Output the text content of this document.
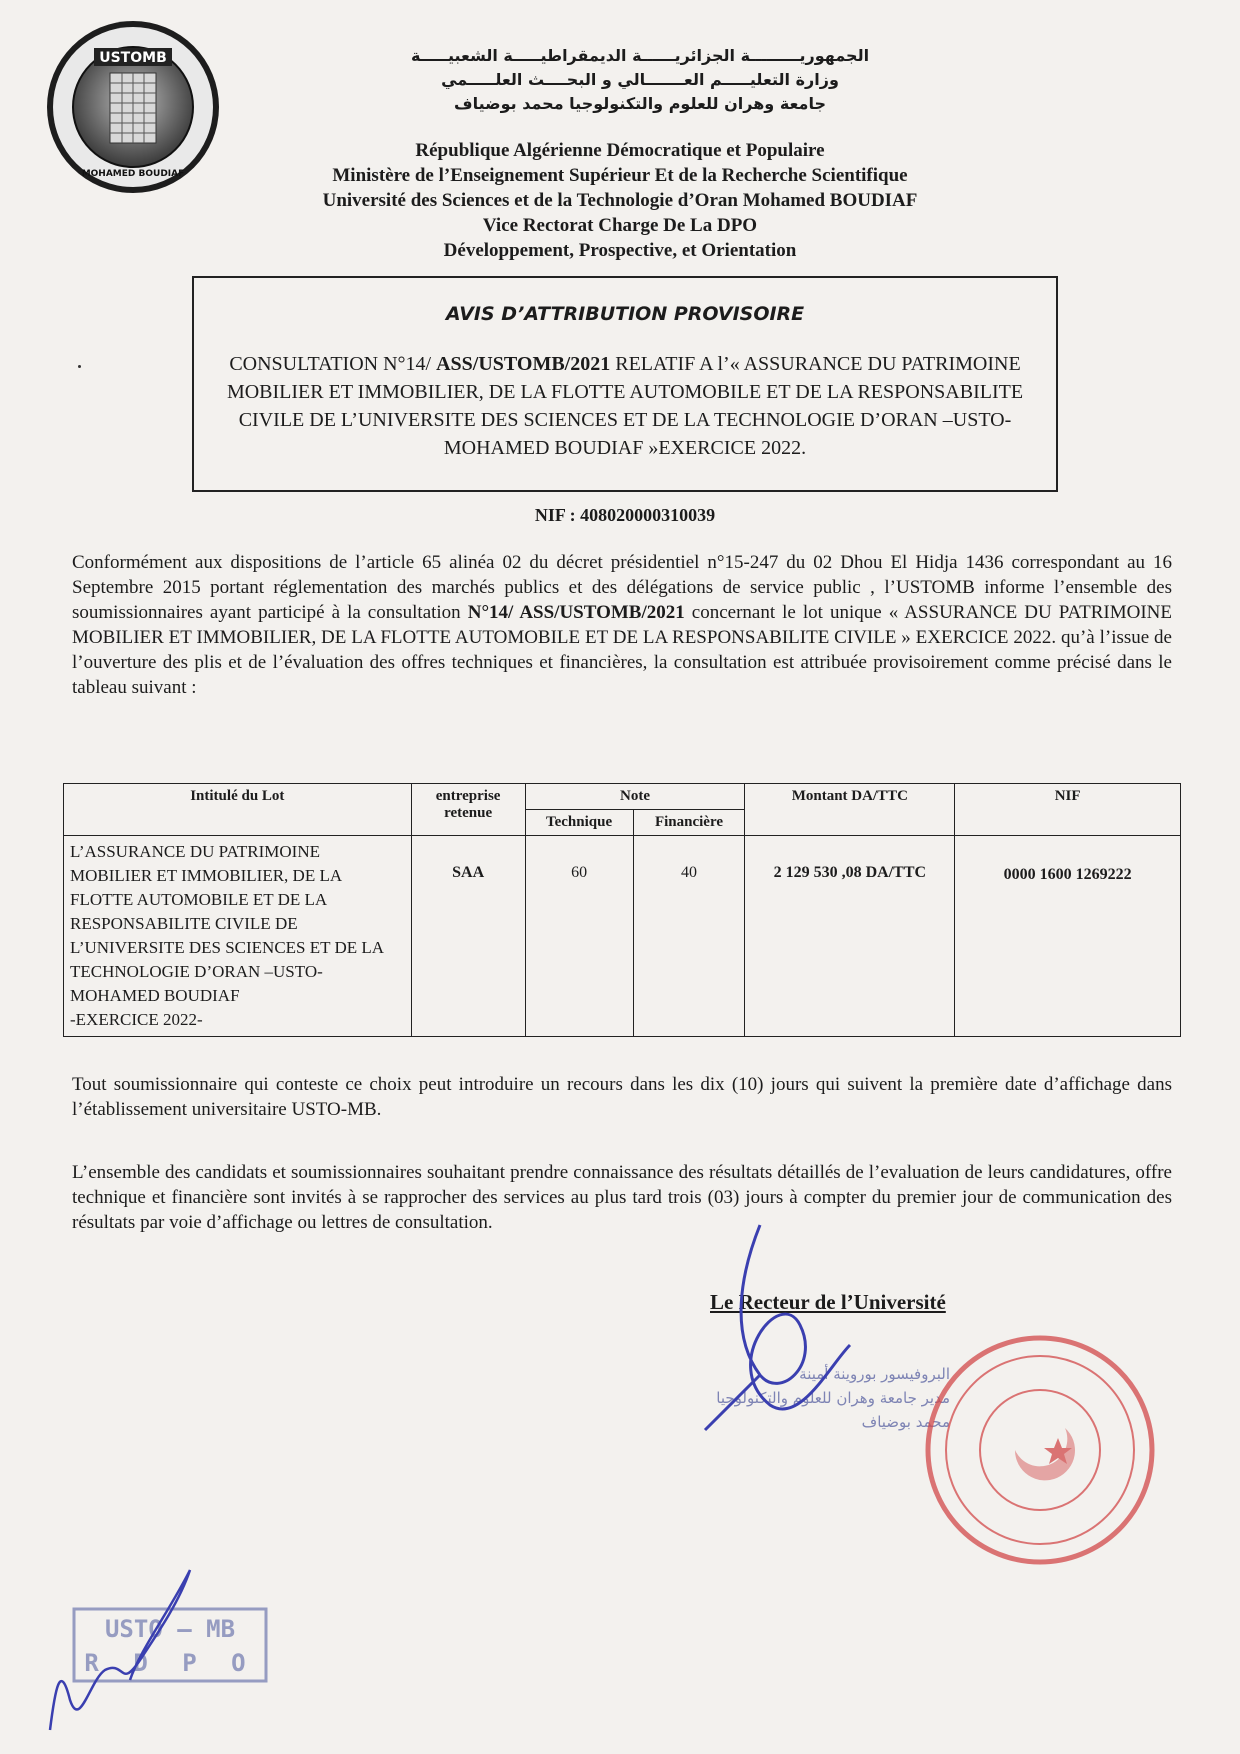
USTOMB
MOHAMED BOUDIAF
الجمهوريـــــــــة الجزائريــــــة الديمقراطيـــــة الشعبيـــــة
وزارة التعليـــــم العـــــــالي و البحــــث العلـــــمي
جامعة وهران للعلوم والتكنولوجيا محمد بوضياف
République Algérienne Démocratique et Populaire
Ministère de l’Enseignement Supérieur Et de la Recherche Scientifique
Université des Sciences et de la Technologie d’Oran Mohamed BOUDIAF
Vice Rectorat Charge De La DPO
Développement, Prospective, et Orientation
AVIS D’ATTRIBUTION PROVISOIRE
CONSULTATION N°14/ ASS/USTOMB/2021 RELATIF A l’« ASSURANCE DU PATRIMOINE MOBILIER ET IMMOBILIER, DE LA FLOTTE AUTOMOBILE ET DE LA RESPONSABILITE CIVILE DE L’UNIVERSITE DES SCIENCES ET DE LA TECHNOLOGIE D’ORAN –USTO- MOHAMED BOUDIAF »EXERCICE 2022.
NIF : 408020000310039
Conformément aux dispositions de l’article 65 alinéa 02 du décret présidentiel n°15-247 du 02 Dhou El Hidja 1436 correspondant au 16 Septembre 2015 portant réglementation des marchés publics et des délégations de service public , l’USTOMB informe l’ensemble des soumissionnaires ayant participé à la consultation N°14/ ASS/USTOMB/2021 concernant le lot unique « ASSURANCE DU PATRIMOINE MOBILIER ET IMMOBILIER, DE LA FLOTTE AUTOMOBILE ET DE LA RESPONSABILITE CIVILE » EXERCICE 2022. qu’à l’issue de l’ouverture des plis et de l’évaluation des offres techniques et financières, la consultation est attribuée provisoirement comme précisé dans le tableau suivant :
Intitulé du Lot	entreprise retenue	Note		Montant DA/TTC	NIF
		Technique	Financière		

L’ASSURANCE DU PATRIMOINE MOBILIER ET IMMOBILIER, DE LA FLOTTE AUTOMOBILE ET DE LA RESPONSABILITE CIVILE DE L’UNIVERSITE DES SCIENCES ET DE LA TECHNOLOGIE D’ORAN –USTO- MOHAMED BOUDIAF
-EXERCICE 2022-	SAA	60	40	2 129 530 ,08 DA/TTC	0000 1600 1269222
Tout soumissionnaire qui conteste ce choix peut introduire un recours dans les dix (10) jours qui suivent la première date d’affichage dans l’établissement universitaire USTO-MB.
L’ensemble des candidats et soumissionnaires souhaitant prendre connaissance des résultats détaillés de l’evaluation de leurs candidatures, offre technique et financière sont invités à se rapprocher des services au plus tard trois (03) jours à compter du premier jour de communication des résultats par voie d’affichage ou lettres de consultation.
Le Recteur de l’Université
البروفيسور بوروينة أمينة
مدير جامعة وهران للعلوم والتكنولوجيا
محمد بوضياف
USTO – MB
R D P O
